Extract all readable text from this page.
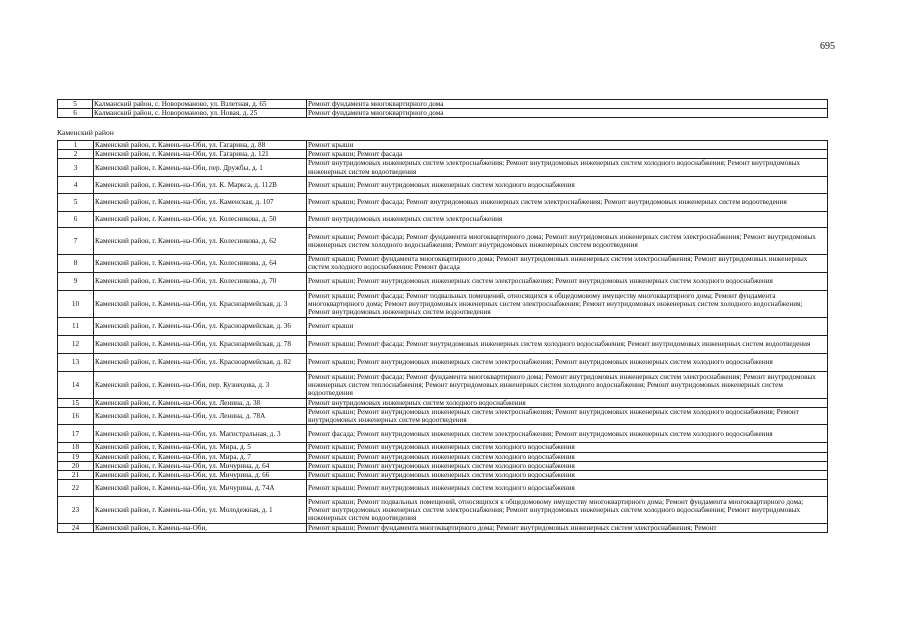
695
5	Калманский район, с. Новороманово, ул. Взлетная, д. 65	Ремонт фундамента многоквартирного дома
6	Калманский район, с. Новороманово, ул. Новая, д. 25	Ремонт фундамента многоквартирного дома
Каменский район
1	Каменский район, г. Камень-на-Оби, ул. Гагарина, д. 88	Ремонт крыши
2	Каменский район, г. Камень-на-Оби, ул. Гагарина, д. 121	Ремонт крыши; Ремонт фасада
3	Каменский район, г. Камень-на-Оби, пер. Дружбы, д. 1	Ремонт внутридомовых инженерных систем электроснабжения; Ремонт внутридомовых инженерных систем холодного водоснабжения; Ремонт внутридомовых инженерных систем водоотведения
4	Каменский район, г. Камень-на-Оби, ул. К. Маркса, д. 112В	Ремонт крыши; Ремонт внутридомовых инженерных систем холодного водоснабжения
5	Каменский район, г. Камень-на-Оби, ул. Каменская, д. 107	Ремонт крыши; Ремонт фасада; Ремонт внутридомовых инженерных систем электроснабжения; Ремонт внутридомовых инженерных систем водоотведения
6	Каменский район, г. Камень-на-Оби, ул. Колесникова, д. 50	Ремонт внутридомовых инженерных систем электроснабжения
7	Каменский район, г. Камень-на-Оби, ул. Колесникова, д. 62	Ремонт крыши; Ремонт фасада; Ремонт фундамента многоквартирного дома; Ремонт внутридомовых инженерных систем электроснабжения; Ремонт внутридомовых инженерных систем холодного водоснабжения; Ремонт внутридомовых инженерных систем водоотведения
8	Каменский район, г. Камень-на-Оби, ул. Колесникова, д. 64	Ремонт крыши; Ремонт фундамента многоквартирного дома; Ремонт внутридомовых инженерных систем электроснабжения; Ремонт внутридомовых инженерных систем холодного водоснабжения; Ремонт фасада
9	Каменский район, г. Камень-на-Оби, ул. Колесникова, д. 70	Ремонт крыши; Ремонт внутридомовых инженерных систем электроснабжения; Ремонт внутридомовых инженерных систем холодного водоснабжения
10	Каменский район, г. Камень-на-Оби, ул. Красноармейская, д. 3	Ремонт крыши; Ремонт фасада; Ремонт подвальных помещений, относящихся к общедомовому имуществу многоквартирного дома; Ремонт фундамента многоквартирного дома; Ремонт внутридомовых инженерных систем электроснабжения; Ремонт внутридомовых инженерных систем холодного водоснабжения; Ремонт внутридомовых инженерных систем водоотведения
11	Каменский район, г. Камень-на-Оби, ул. Красноармейская, д. 36	Ремонт крыши
12	Каменский район, г. Камень-на-Оби, ул. Красноармейская, д. 78	Ремонт крыши; Ремонт фасада; Ремонт внутридомовых инженерных систем холодного водоснабжения; Ремонт внутридомовых инженерных систем водоотведения
13	Каменский район, г. Камень-на-Оби, ул. Красноармейская, д. 82	Ремонт крыши; Ремонт внутридомовых инженерных систем электроснабжения; Ремонт внутридомовых инженерных систем холодного водоснабжения
14	Каменский район, г. Камень-на-Оби, пер. Кузнецова, д. 3	Ремонт крыши; Ремонт фасада; Ремонт фундамента многоквартирного дома; Ремонт внутридомовых инженерных систем электроснабжения; Ремонт внутридомовых инженерных систем теплоснабжения; Ремонт внутридомовых инженерных систем холодного водоснабжения; Ремонт внутридомовых инженерных систем водоотведения
15	Каменский район, г. Камень-на-Оби, ул. Ленина, д. 38	Ремонт внутридомовых инженерных систем холодного водоснабжения
16	Каменский район, г. Камень-на-Оби, ул. Ленина, д. 78А	Ремонт крыши; Ремонт внутридомовых инженерных систем электроснабжения; Ремонт внутридомовых инженерных систем холодного водоснабжения; Ремонт внутридомовых инженерных систем водоотведения
17	Каменский район, г. Камень-на-Оби, ул. Магистральная, д. 3	Ремонт фасада; Ремонт внутридомовых инженерных систем электроснабжения; Ремонт внутридомовых инженерных систем холодного водоснабжения
18	Каменский район, г. Камень-на-Оби, ул. Мира, д. 5	Ремонт крыши; Ремонт внутридомовых инженерных систем холодного водоснабжения
19	Каменский район, г. Камень-на-Оби, ул. Мира, д. 7	Ремонт крыши; Ремонт внутридомовых инженерных систем холодного водоснабжения
20	Каменский район, г. Камень-на-Оби, ул. Мичурина, д. 64	Ремонт крыши; Ремонт внутридомовых инженерных систем холодного водоснабжения
21	Каменский район, г. Камень-на-Оби, ул. Мичурина, д. 66	Ремонт крыши; Ремонт внутридомовых инженерных систем холодного водоснабжения
22	Каменский район, г. Камень-на-Оби, ул. Мичурина, д. 74А	Ремонт крыши; Ремонт внутридомовых инженерных систем холодного водоснабжения
23	Каменский район, г. Камень-на-Оби, ул. Молодежная, д. 1	Ремонт крыши; Ремонт подвальных помещений, относящихся к общедомовому имуществу многоквартирного дома; Ремонт фундамента многоквартирного дома; Ремонт внутридомовых инженерных систем электроснабжения; Ремонт внутридомовых инженерных систем холодного водоснабжения; Ремонт внутридомовых инженерных систем водоотведения
24	Каменский район, г. Камень-на-Оби,	Ремонт крыши; Ремонт фундамента многоквартирного дома; Ремонт внутридомовых инженерных систем электроснабжения; Ремонт
